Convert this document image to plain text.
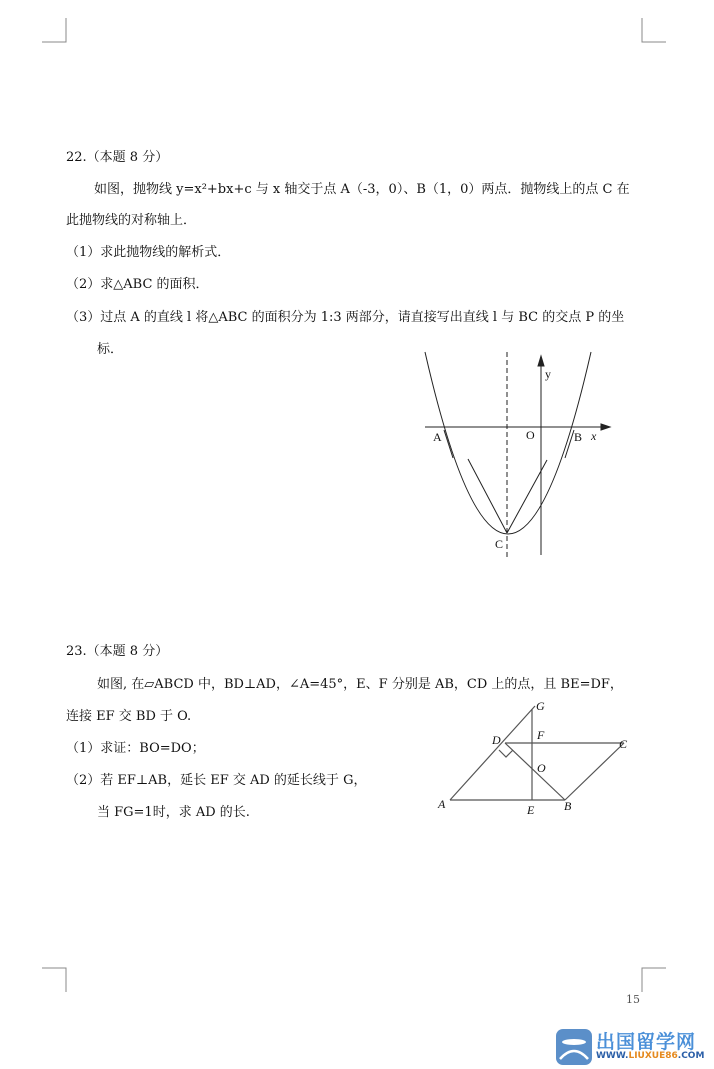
A	B
C
O	x
y
A	B
C
D
E
F
G
O
22.（本题 8 分）
如图，抛物线 y=x²+bx+c 与 x 轴交于点 A（-3，0）、B（1，0）两点．抛物线上的点 C 在
此抛物线的对称轴上．
（1）求此抛物线的解析式．
（2）求△ABC 的面积．
（3）过点 A 的直线 l 将△ABC 的面积分为 1:3 两部分，请直接写出直线 l 与 BC 的交点 P 的坐
标．
23.（本题 8 分）
如图, 在▱ABCD 中，BD⊥AD，∠A=45°，E、F 分别是 AB，CD 上的点，且 BE=DF，
连接 EF 交 BD 于 O.
（1）求证：BO=DO；
（2）若 EF⊥AB，延长 EF 交 AD 的延长线于 G，
当 FG=1时，求 AD 的长.
15
出国留学网
WWW.LIUXUE86.COM
